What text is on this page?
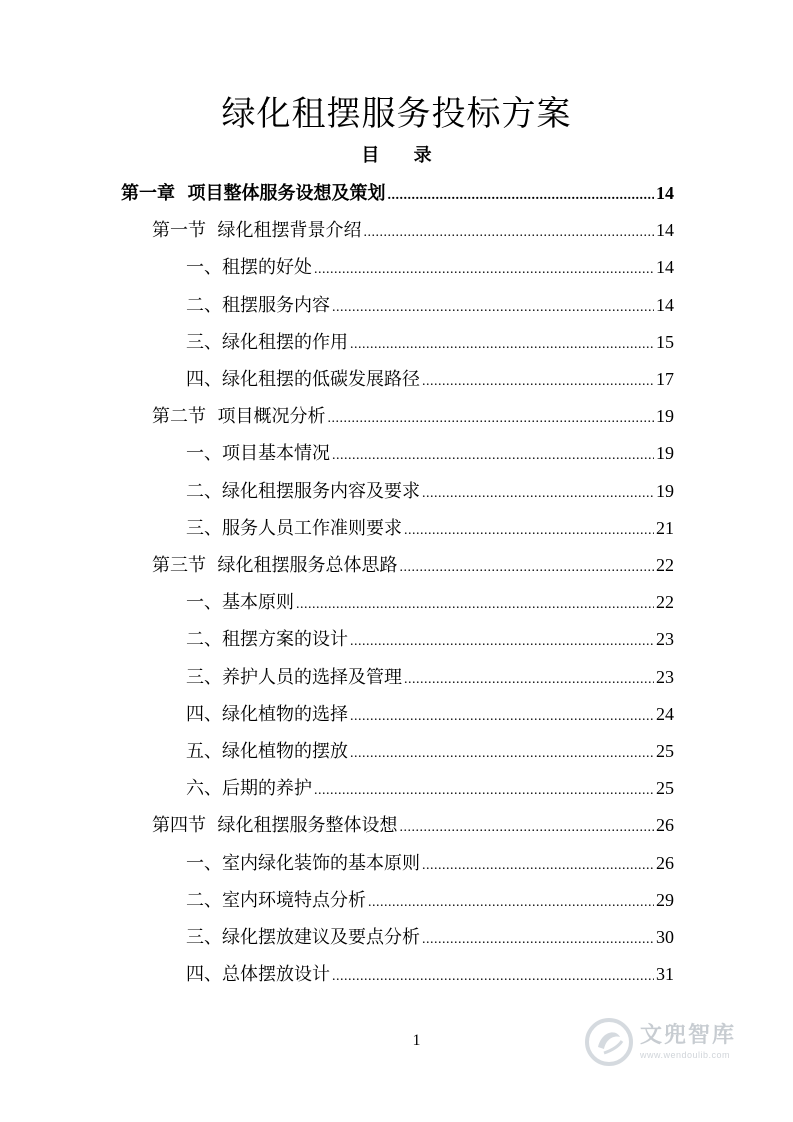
绿化租摆服务投标方案
目 录
第一章  项目整体服务设想及策划 .....	14
第一节  绿化租摆背景介绍 .....	14
一、租摆的好处 .....	14
二、租摆服务内容 .....	14
三、绿化租摆的作用 .....	15
四、绿化租摆的低碳发展路径 .....	17
第二节  项目概况分析 .....	19
一、项目基本情况 .....	19
二、绿化租摆服务内容及要求 .....	19
三、服务人员工作准则要求 .....	21
第三节  绿化租摆服务总体思路 .....	22
一、基本原则 .....	22
二、租摆方案的设计 .....	23
三、养护人员的选择及管理 .....	23
四、绿化植物的选择 .....	24
五、绿化植物的摆放 .....	25
六、后期的养护 .....	25
第四节  绿化租摆服务整体设想 .....	26
一、室内绿化装饰的基本原则 .....	26
二、室内环境特点分析 .....	29
三、绿化摆放建议及要点分析 .....	30
四、总体摆放设计 .....	31
1	文兜智库
www.wendoulib.com
